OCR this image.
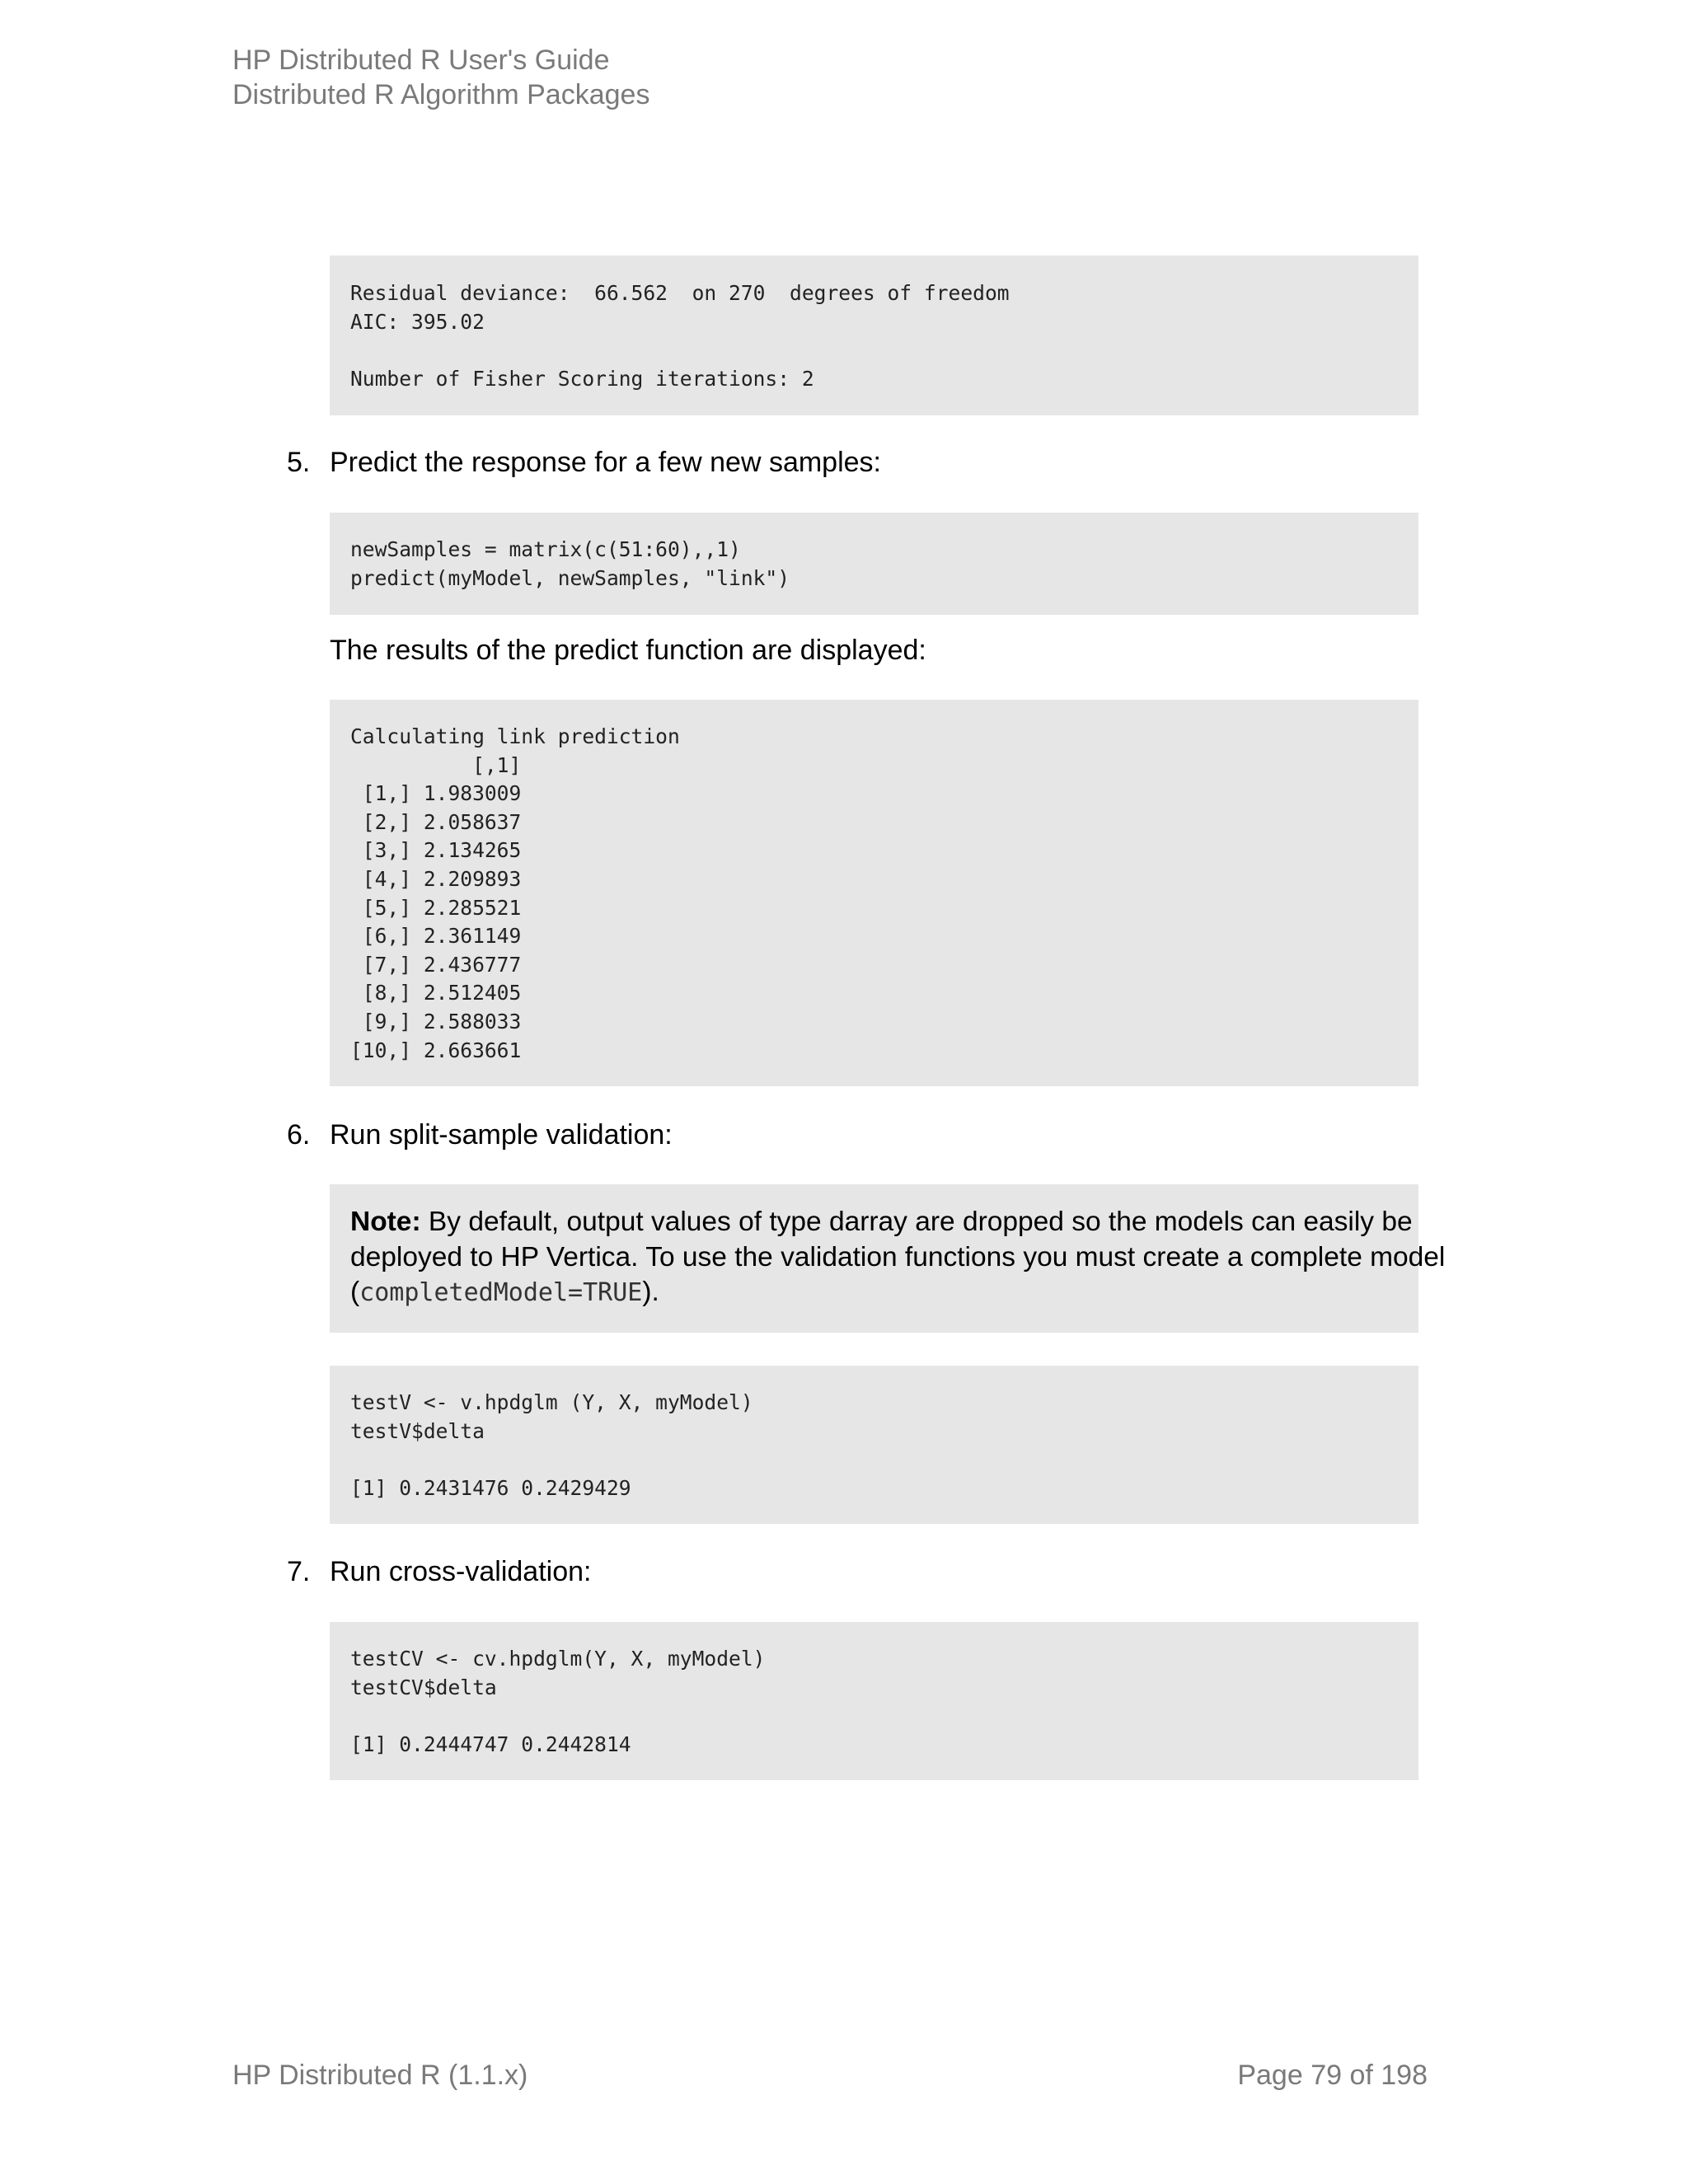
HP Distributed R User's Guide
Distributed R Algorithm Packages
Residual deviance:  66.562  on 270  degrees of freedom
AIC: 395.02

Number of Fisher Scoring iterations: 2
5. Predict the response for a few new samples:
newSamples = matrix(c(51:60),,1)
predict(myModel, newSamples, "link")
The results of the predict function are displayed:
Calculating link prediction
[,1]
[1,] 1.983009
[2,] 2.058637
[3,] 2.134265
[4,] 2.209893
[5,] 2.285521
[6,] 2.361149
[7,] 2.436777
[8,] 2.512405
[9,] 2.588033
[10,] 2.663661
6. Run split-sample validation:
Note: By default, output values of type darray are dropped so the models can easily be
deployed to HP Vertica. To use the validation functions you must create a complete model
(completedModel=TRUE).
testV <- v.hpdglm (Y, X, myModel)
testV$delta

[1] 0.2431476 0.2429429
7. Run cross-validation:
testCV <- cv.hpdglm(Y, X, myModel)
testCV$delta

[1] 0.2444747 0.2442814
HP Distributed R (1.1.x)	Page 79 of 198
